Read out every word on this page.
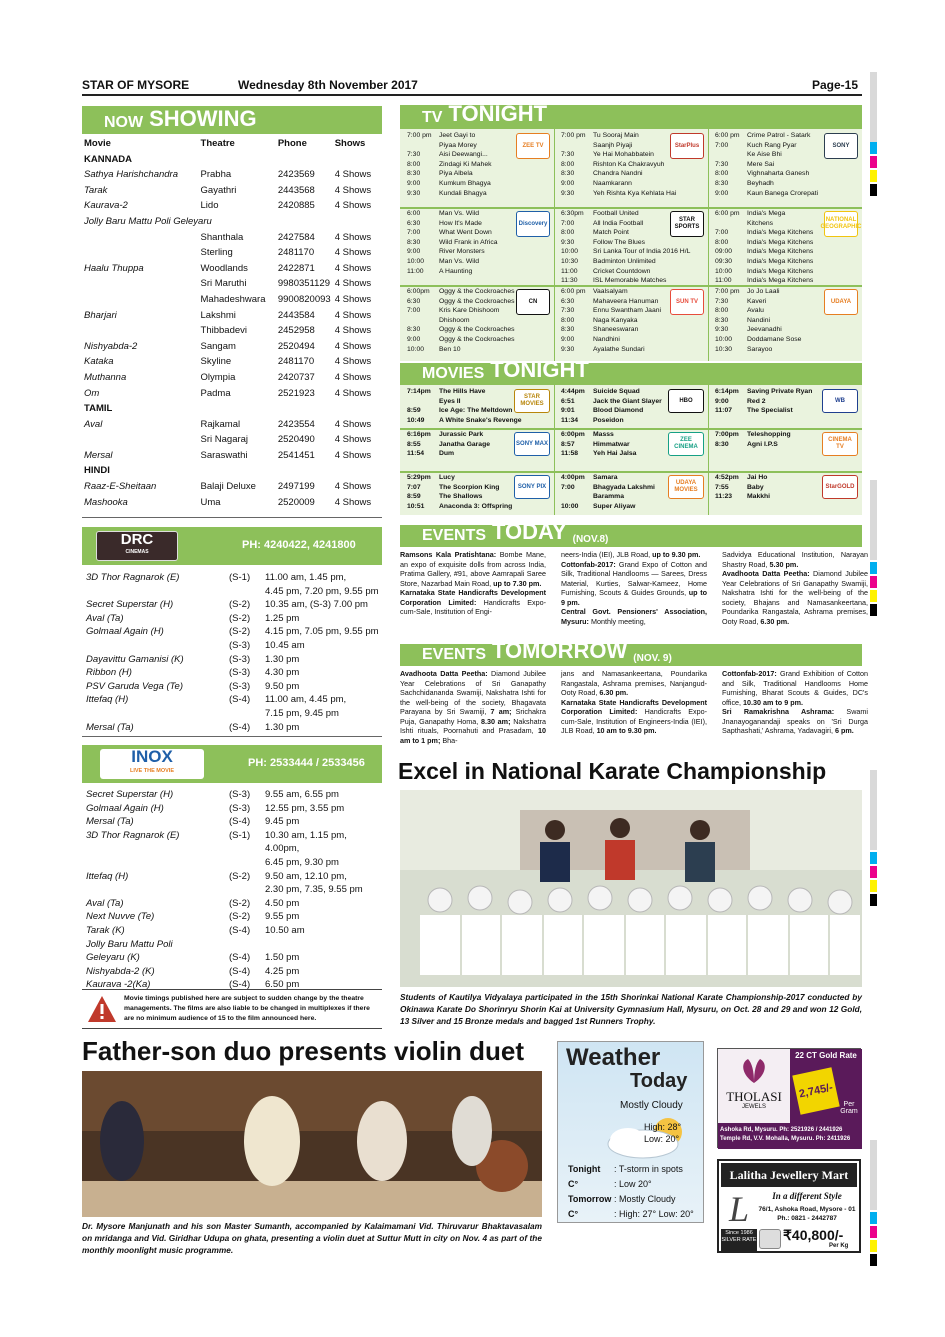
STAR OF MYSORE	Wednesday 8th November 2017	Page-15
NOW SHOWING
Movie	Theatre	Phone	Shows
KANNADA			
Sathya Harishchandra	Prabha	2423569	4 Shows
Tarak	Gayathri	2443568	4 Shows
Kaurava-2	Lido	2420885	4 Shows
Jolly Baru Mattu Poli Geleyaru			
	Shanthala	2427584	4 Shows
	Sterling	2481170	4 Shows
Haalu Thuppa	Woodlands	2422871	4 Shows
	Sri Maruthi	9980351129	4 Shows
	Mahadeshwara	9900820093	4 Shows
Bharjari	Lakshmi	2443584	4 Shows
	Thibbadevi	2452958	4 Shows
Nishyabda-2	Sangam	2520494	4 Shows
Kataka	Skyline	2481170	4 Shows
Muthanna	Olympia	2420737	4 Shows
Om	Padma	2521923	4 Shows
TAMIL			
Aval	Rajkamal	2423554	4 Shows
	Sri Nagaraj	2520490	4 Shows
Mersal	Saraswathi	2541451	4 Shows
HINDI			
Raaz-E-Sheitaan	Balaji Deluxe	2497199	4 Shows
Mashooka	Uma	2520009	4 Shows
DRC
CINEMAS
PH: 4240422, 4241800
3D Thor Ragnarok (E)	(S-1)	11.00 am, 1.45 pm,
4.45 pm, 7.20 pm, 9.55 pm
Secret Superstar (H)	(S-2)	10.35 am, (S-3) 7.00 pm
Aval (Ta)	(S-2)	1.25 pm
Golmaal Again (H)	(S-2)	4.15 pm, 7.05 pm, 9.55 pm
(S-3)	10.45 am
Dayavittu Gamanisi (K)	(S-3)	1.30 pm
Ribbon (H)	(S-3)	4.30 pm
PSV Garuda Vega (Te)	(S-3)	9.50 pm
Ittefaq (H)	(S-4)	11.00 am, 4.45 pm,
7.15 pm, 9.45 pm
Mersal (Ta)	(S-4)	1.30 pm
INOX
LIVE THE MOVIE
PH: 2533444 / 2533456
Secret Superstar (H)	(S-3)	9.55 am, 6.55 pm
Golmaal Again (H)	(S-3)	12.55 pm, 3.55 pm
Mersal (Ta)	(S-4)	9.45 pm
3D Thor Ragnarok (E)	(S-1)	10.30 am, 1.15 pm, 4.00pm,
6.45 pm, 9.30 pm
Ittefaq (H)	(S-2)	9.50 am, 12.10 pm,
2.30 pm, 7.35, 9.55 pm
Aval (Ta)	(S-2)	4.50 pm
Next Nuvve (Te)	(S-2)	9.55 pm
Tarak (K)	(S-4)	10.50 am
Jolly Baru Mattu Poli
Geleyaru (K)	(S-4)	1.50 pm
Nishyabda-2 (K)	(S-4)	4.25 pm
Kaurava -2(Ka)	(S-4)	6.50 pm
Movie timings published here are subject to sudden change by the theatre managements. The films are also liable to be changed in multiplexes if there are no minimum audience of 15 to the film announced here.
TV TONIGHT
7:00 pm	Jeet Gayi to
Piyaa Morey
7:30	Aisi Deewangi...
8:00	Zindagi Ki Mahek
8:30	Piya Albela
9:00	Kumkum Bhagya
9:30	Kundali Bhagya
ZEE TV
7:00 pm	Tu Sooraj Main
Saanjh Piyaji
7:30	Ye Hai Mohabbatein
8:00	Rishton Ka Chakravyuh
8:30	Chandra Nandni
9:00	Naamkarann
9:30	Yeh Rishta Kya Kehlata Hai
StarPlus
6:00 pm	Crime Patrol - Satark
7:00	Kuch Rang Pyar
Ke Aise Bhi
7:30	Mere Sai
8:00	Vighnaharta Ganesh
8:30	Beyhadh
9:00	Kaun Banega Crorepati
SONY
6:00	Man Vs. Wild
6:30	How It's Made
7:00	What Went Down
8:30	Wild Frank in Africa
9:00	River Monsters
10:00	Man Vs. Wild
11:00	A Haunting
Discovery
6:30pm	Football United
7:00	All India Football
8:00	Match Point
9:30	Follow The Blues
10:00	Sri Lanka Tour of India 2016 H/L
10:30	Badminton Unlimited
11:00	Cricket Countdown
11:30	ISL Memorable Matches
STAR SPORTS
6:00 pm	India's Mega
Kitchens
7:00	India's Mega Kitchens
8:00	India's Mega Kitchens
09:00	India's Mega Kitchens
09:30	India's Mega Kitchens
10:00	India's Mega Kitchens
11:00	India's Mega Kitchens
NATIONAL GEOGRAPHIC
6:00pm	Oggy & the Cockroaches
6:30	Oggy & the Cockroaches
7:00	Kris Kare Dhishoom
Dhishoom
8:30	Oggy & the Cockroaches
9:00	Oggy & the Cockroaches
10:00	Ben 10
CN
6:00 pm	Vaalsalyam
6:30	Mahaveera Hanuman
7:30	Ennu Swantham Jaani
8:00	Naga Kanyaka
8:30	Shaneeswaran
9:00	Nandhini
9:30	Ayalathe Sundari
SUN TV
7:00 pm	Jo Jo Laali
7:30	Kaveri
8:00	Avalu
8:30	Nandini
9:30	Jeevanadhi
10:00	Doddamane Sose
10:30	Sarayoo
UDAYA
MOVIES TONIGHT
7:14pm	The Hills Have
Eyes II
8:59	Ice Age: The Meltdown
10:49	A White Snake's Revenge
STAR MOVIES
4:44pm	Suicide Squad
6:51	Jack the Giant Slayer
9:01	Blood Diamond
11:34	Poseidon
HBO
6:14pm	Saving Private Ryan
9:00	Red 2
11:07	The Specialist
WB
6:16pm	Jurassic Park
8:55	Janatha Garage
11:54	Dum
SONY MAX
6:00pm	Masss
8:57	Himmatwar
11:58	Yeh Hai Jalsa
ZEE CINEMA
7:00pm	Teleshopping
8:30	Agni I.P.S
CINEMA TV
5:29pm	Lucy
7:07	The Scorpion King
8:59	The Shallows
10:51	Anaconda 3: Offspring
SONY PIX
4:00pm	Samara
7:00	Bhagyada Lakshmi
Baramma
10:00	Super Aliyaw
UDAYA MOVIES
4:52pm	Jai Ho
7:55	Baby
11:23	Makkhi
StarGOLD
EVENTS TODAY (NOV.8)
Ramsons Kala Pratishtana: Bombe Mane, an expo of exquisite dolls from across India, Pratima Gallery, #91, above Aamrapali Saree Store, Nazarbad Main Road, up to 7.30 pm.
Karnataka State Handicrafts Development Corporation Limited: Handicrafts Expo-cum-Sale, Institution of Engi-
neers-India (IEI), JLB Road, up to 9.30 pm.
Cottonfab-2017: Grand Expo of Cotton and Silk, Traditional Handlooms — Sarees, Dress Material, Kurties, Salwar-Kameez, Home Furnishing, Scouts & Guides Grounds, up to 9 pm.
Central Govt. Pensioners' Association, Mysuru: Monthly meeting,
Sadvidya Educational Institution, Narayan Shastry Road, 5.30 pm.
Avadhoota Datta Peetha: Diamond Jubilee Year Celebrations of Sri Ganapathy Swamiji, Nakshatra Ishti for the well-being of the society, Bhajans and Namasankeertana, Poundarika Rangastala, Ashrama premises, Ooty Road, 6.30 pm.

EVENTS TOMORROW (NOV. 9)
Avadhoota Datta Peetha: Diamond Jubilee Year Celebrations of Sri Ganapathy Sachchidananda Swamiji, Nakshatra Ishti for the well-being of the society, Bhagavata Parayana by Sri Swamiji, 7 am; Srichakra Puja, Ganapathy Homa, 8.30 am; Nakshatra Ishti rituals, Poornahuti and Prasadam, 10 am to 1 pm; Bha-
jans and Namasankeertana, Poundarika Rangastala, Ashrama premises, Nanjangud-Ooty Road, 6.30 pm.
Karnataka State Handicrafts Development Corporation Limited: Handicrafts Expo-cum-Sale, Institution of Engineers-India (IEI), JLB Road, 10 am to 9.30 pm.

Cottonfab-2017: Grand Exhibition of Cotton and Silk, Traditional Handlooms Home Furnishing, Bharat Scouts & Guides, DC's office, 10.30 am to 9 pm.
Sri Ramakrishna Ashrama: Swami Jnanayoganandaji speaks on 'Sri Durga Sapthashati,' Ashrama, Yadavagiri, 6 pm.

Excel in National Karate Championship
Students of Kautilya Vidyalaya participated in the 15th Shorinkai National Karate Championship-2017 conducted by Okinawa Karate Do Shorinryu Shorin Kai at University Gymnasium Hall, Mysuru, on Oct. 28 and 29 and won 12 Gold, 13 Silver and 15 Bronze medals and bagged 1st Runners Trophy.
Father-son duo presents violin duet
Dr. Mysore Manjunath and his son Master Sumanth, accompanied by Kalaimamani Vid. Thiruvarur Bhaktavasalam on mridanga and Vid. Giridhar Udupa on ghata, presenting a violin duet at Suttur Mutt in city on Nov. 4 as part of the monthly moonlight music programme.
Weather
Today
Mostly Cloudy
High: 28°
Low: 20°
Tonight : T-storm in spots
C°	: Low 20°
Tomorrow : Mostly Cloudy
C°	: High: 27° Low: 20°
THOLASI
JEWELS
22 CT Gold Rate
2,745/-
Per Gram
Ashoka Rd, Mysuru. Ph: 2521926 / 2441926
Temple Rd, V.V. Mohalla, Mysuru. Ph: 2411926
Lalitha Jewellery Mart
In a different Style
L	76/1, Ashoka Road, Mysore - 01
Ph.: 0821 - 2442787
Since 1986
SILVER RATE ₹40,800/-
Per Kg
